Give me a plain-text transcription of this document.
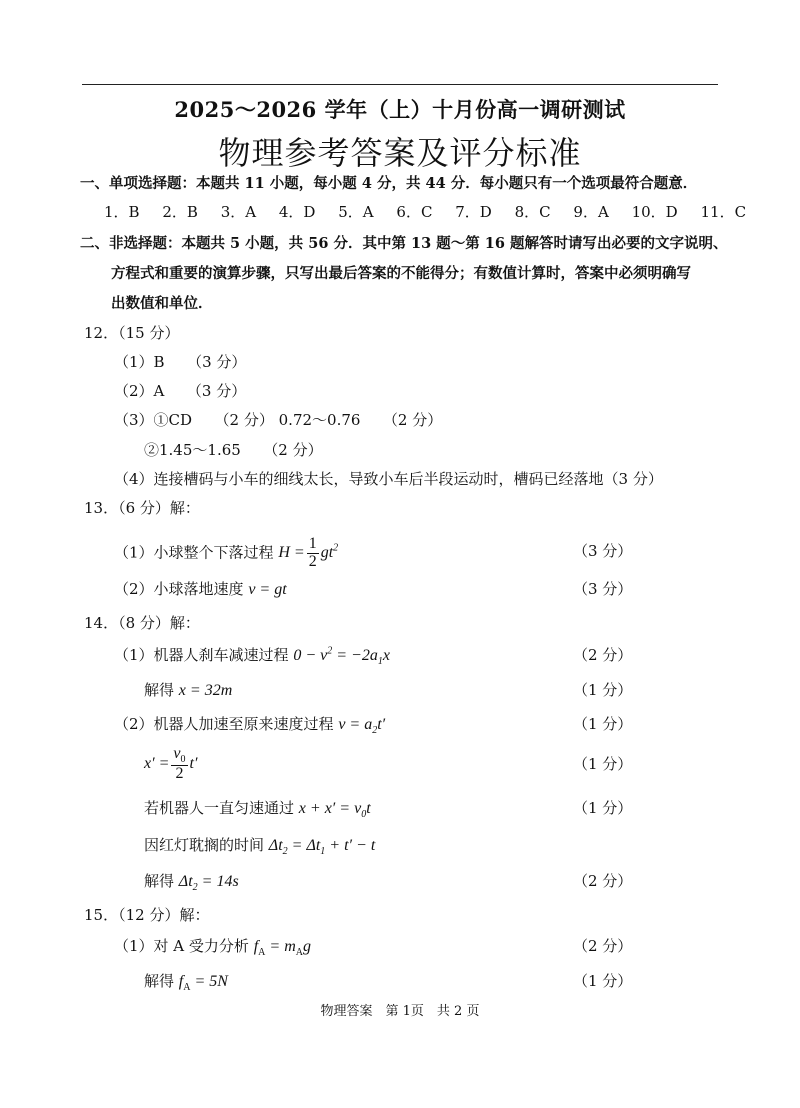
2025～2026 学年（上）十月份高一调研测试
物理参考答案及评分标准
一、单项选择题：本题共 11 小题，每小题 4 分，共 44 分．每小题只有一个选项最符合题意．
1．B 2．B 3．A 4．D 5．A 6．C 7．D 8．C 9．A 10．D 11．C
二、非选择题：本题共 5 小题，共 56 分．其中第 13 题～第 16 题解答时请写出必要的文字说明、
方程式和重要的演算步骤，只写出最后答案的不能得分；有数值计算时，答案中必须明确写
出数值和单位．
12．（15 分）
（1）B　　（3 分）
（2）A　　（3 分）
（3）①CD　　（2 分） 0.72～0.76　　（2 分）
②1.45～1.65　　（2 分）
（4）连接槽码与小车的细线太长，导致小车后半段运动时，槽码已经落地（3 分）
13．（6 分）解：
（1）小球整个下落过程 $H = \frac{1}{2} gt^2$	（3 分）
（2）小球落地速度 v = gt	（3 分）
14．（8 分）解：
（1）机器人刹车减速过程 $0 - v^2 = -2a_1x$	（2 分）
解得 x = 32m	（1 分）
（2）机器人加速至原来速度过程 $v = a_2t'$	（1 分）
$x' = \frac{v_0}{2} t'$	（1 分）
若机器人一直匀速通过 $x + x' = v_0t$	（1 分）
因红灯耽搁的时间 $\Delta t_2 = \Delta t_1 + t' - t$
解得 $\Delta t_2 = 14s$	（2 分）
15．（12 分）解：
（1）对 A 受力分析 $f_A = m_Ag$	（2 分）
解得 $f_A = 5N$	（1 分）
物理答案　第 1页　共 2 页
